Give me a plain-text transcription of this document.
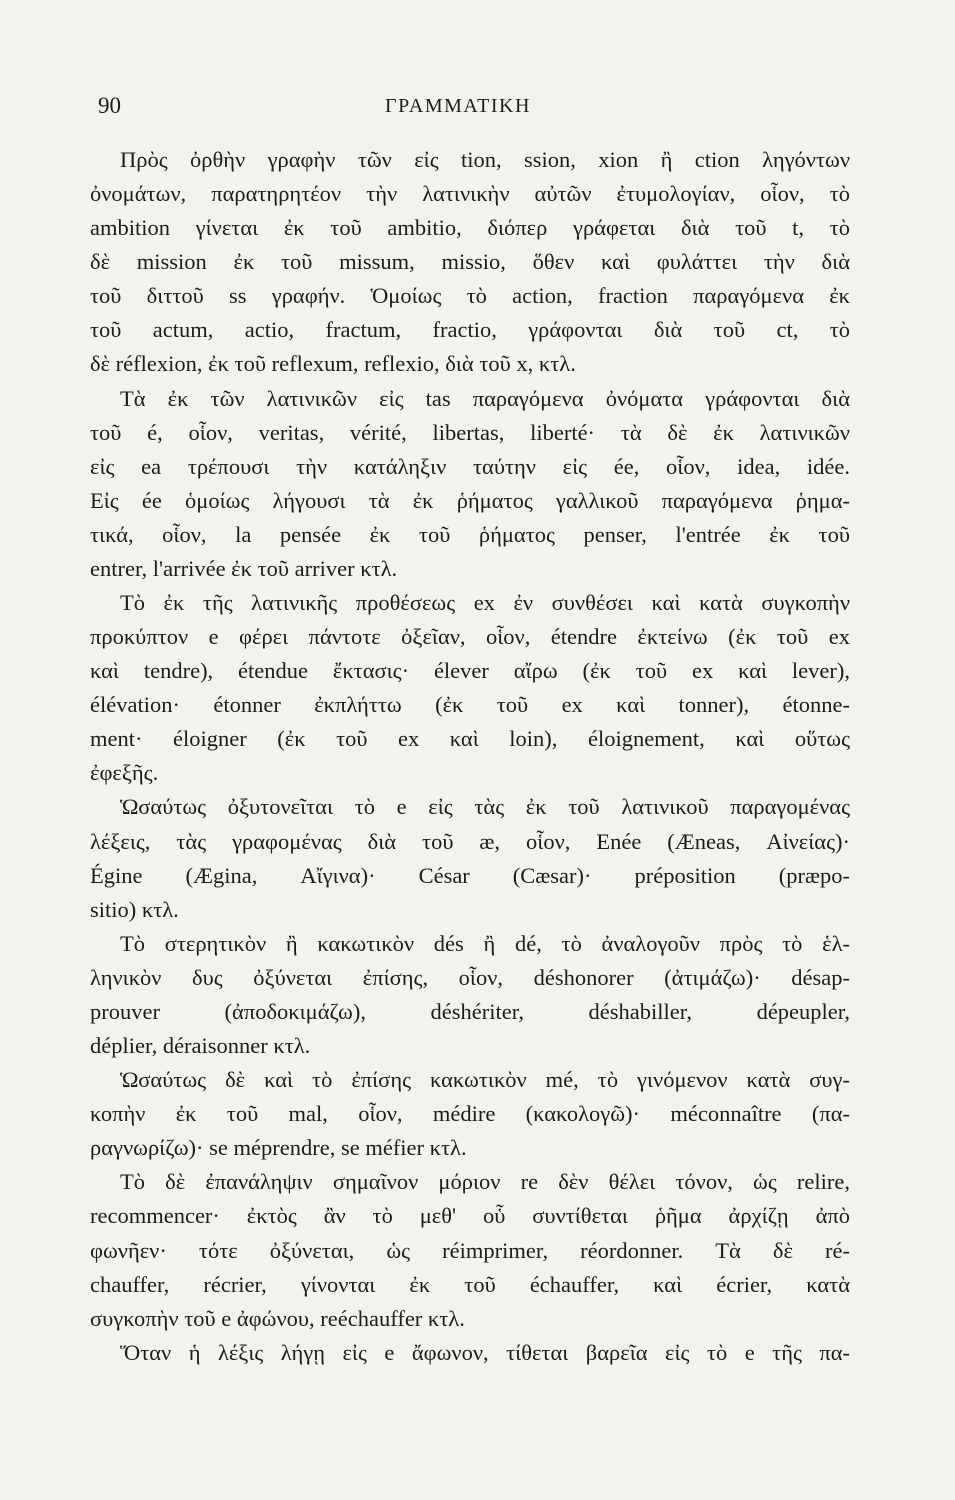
90	ΓΡΑΜΜΑΤΙΚΗ
Πρὸς ὀρθὴν γραφὴν τῶν εἰς tion, ssion, xion ἢ ction ληγόντων
ὀνομάτων, παρατηρητέον τὴν λατινικὴν αὐτῶν ἐτυμολογίαν, οἷον, τὸ
ambition γίνεται ἐκ τοῦ ambitio, διόπερ γράφεται διὰ τοῦ t, τὸ
δὲ mission ἐκ τοῦ missum, missio, ὅθεν καὶ φυλάττει τὴν διὰ
τοῦ διττοῦ ss γραφήν. Ὁμοίως τὸ action, fraction παραγόμενα ἐκ
τοῦ actum, actio, fractum, fractio, γράφονται διὰ τοῦ ct, τὸ
δὲ réflexion, ἐκ τοῦ reflexum, reflexio, διὰ τοῦ x, κτλ.
Τὰ ἐκ τῶν λατινικῶν εἰς tas παραγόμενα ὀνόματα γράφονται διὰ
τοῦ é, οἷον, veritas, vérité, libertas, liberté· τὰ δὲ ἐκ λατινικῶν
εἰς ea τρέπουσι τὴν κατάληξιν ταύτην εἰς ée, οἷον, idea, idée.
Εἰς ée ὁμοίως λήγουσι τὰ ἐκ ῥήματος γαλλικοῦ παραγόμενα ῥημα-
τικά, οἷον, la pensée ἐκ τοῦ ῥήματος penser, l'entrée ἐκ τοῦ
entrer, l'arrivée ἐκ τοῦ arriver κτλ.
Τὸ ἐκ τῆς λατινικῆς προθέσεως ex ἐν συνθέσει καὶ κατὰ συγκοπὴν
προκύπτον e φέρει πάντοτε ὀξεῖαν, οἷον, étendre ἐκτείνω (ἐκ τοῦ ex
καὶ tendre), étendue ἔκτασις· élever αἴρω (ἐκ τοῦ ex καὶ lever),
élévation· étonner ἐκπλήττω (ἐκ τοῦ ex καὶ tonner), étonne-
ment· éloigner (ἐκ τοῦ ex καὶ loin), éloignement, καὶ οὕτως
ἐφεξῆς.
Ὡσαύτως ὀξυτονεῖται τὸ e εἰς τὰς ἐκ τοῦ λατινικοῦ παραγομένας
λέξεις, τὰς γραφομένας διὰ τοῦ æ, οἷον, Enée (Æneas, Αἰνείας)·
Égine (Ægina, Αἴγινα)· César (Cæsar)· préposition (præpo-
sitio) κτλ.
Τὸ στερητικὸν ἢ κακωτικὸν dés ἢ dé, τὸ ἀναλογοῦν πρὸς τὸ ἑλ-
ληνικὸν δυς ὀξύνεται ἐπίσης, οἷον, déshonorer (ἀτιμάζω)· désap-
prouver (ἀποδοκιμάζω), déshériter, déshabiller, dépeupler,
déplier, déraisonner κτλ.
Ὡσαύτως δὲ καὶ τὸ ἐπίσης κακωτικὸν mé, τὸ γινόμενον κατὰ συγ-
κοπὴν ἐκ τοῦ mal, οἷον, médire (κακολογῶ)· méconnaître (πα-
ραγνωρίζω)· se méprendre, se méfier κτλ.
Τὸ δὲ ἐπανάληψιν σημαῖνον μόριον re δὲν θέλει τόνον, ὡς relire,
recommencer· ἐκτὸς ἂν τὸ μεθ' οὗ συντίθεται ῥῆμα ἀρχίζῃ ἀπὸ
φωνῆεν· τότε ὀξύνεται, ὡς réimprimer, réordonner. Τὰ δὲ ré-
chauffer, récrier, γίνονται ἐκ τοῦ échauffer, καὶ écrier, κατὰ
συγκοπὴν τοῦ e ἀφώνου, reéchauffer κτλ.
Ὅταν ἡ λέξις λήγῃ εἰς e ἄφωνον, τίθεται βαρεῖα εἰς τὸ e τῆς πα-
